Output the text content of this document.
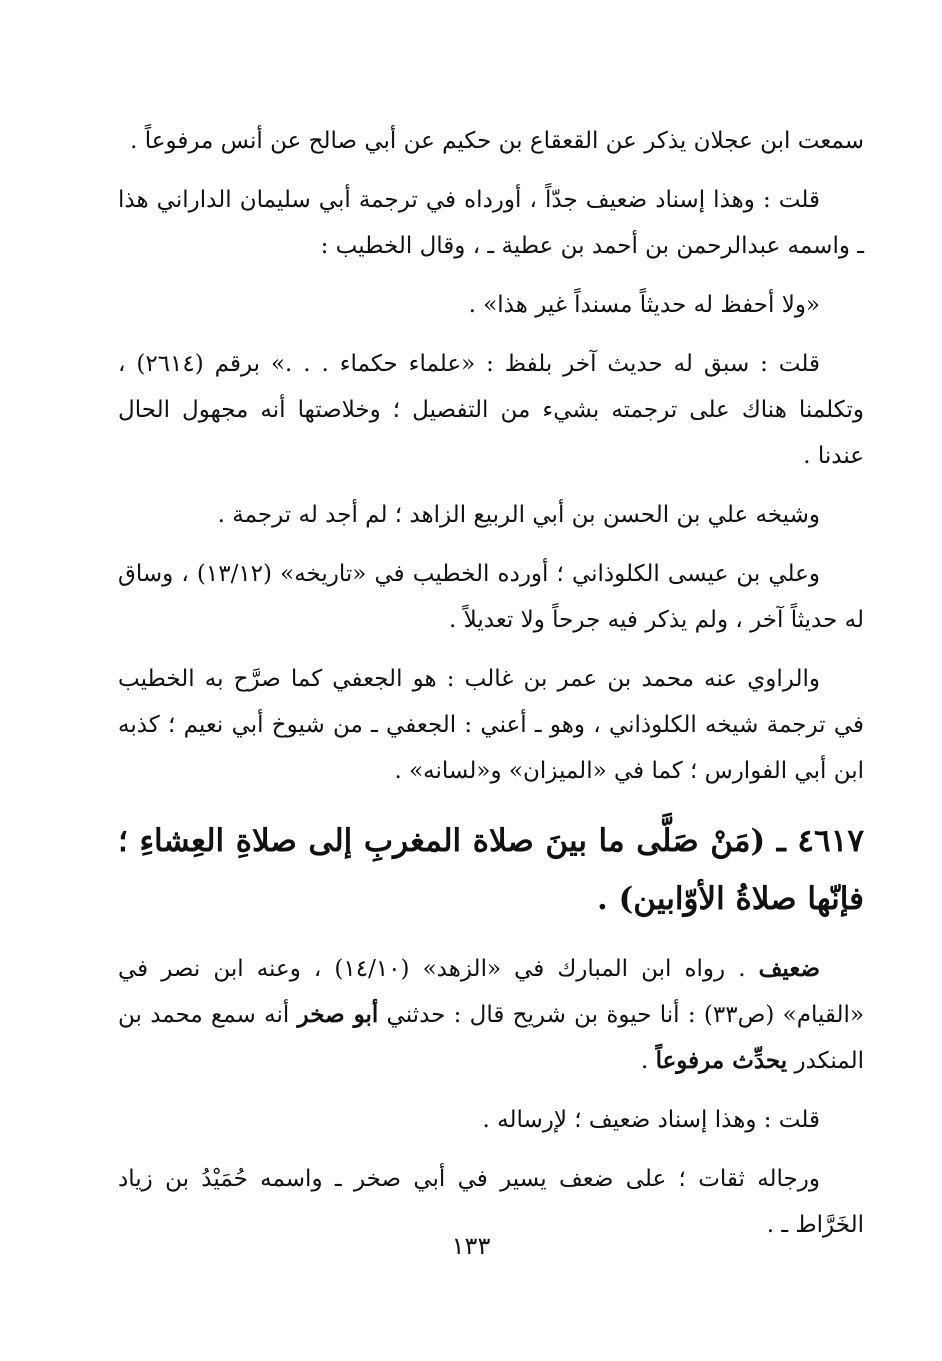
سمعت ابن عجلان يذكر عن القعقاع بن حكيم عن أبي صالح عن أنس مرفوعاً .

قلت : وهذا إسناد ضعيف جدّاً ، أورداه في ترجمة أبي سليمان الداراني هذا ـ واسمه عبدالرحمن بن أحمد بن عطية ـ ، وقال الخطيب :

«ولا أحفظ له حديثاً مسنداً غير هذا» .

قلت : سبق له حديث آخر بلفظ : «علماء حكماء . . .» برقم (٢٦١٤) ، وتكلمنا هناك على ترجمته بشيء من التفصيل ؛ وخلاصتها أنه مجهول الحال عندنا .

وشيخه علي بن الحسن بن أبي الربيع الزاهد ؛ لم أجد له ترجمة .

وعلي بن عيسى الكلوذاني ؛ أورده الخطيب في «تاريخه» (١٣/١٢) ، وساق له حديثاً آخر ، ولم يذكر فيه جرحاً ولا تعديلاً .

والراوي عنه محمد بن عمر بن غالب : هو الجعفي كما صرَّح به الخطيب في ترجمة شيخه الكلوذاني ، وهو ـ أعني : الجعفي ـ من شيوخ أبي نعيم ؛ كذبه ابن أبي الفوارس ؛ كما في «الميزان» و«لسانه» .

٤٦١٧ ـ (مَنْ صَلَّى ما بينَ صلاة المغربِ إلى صلاةِ العِشاءِ ؛ فإنّها صلاةُ الأوّابين) .

ضعيف . رواه ابن المبارك في «الزهد» (١٤/١٠) ، وعنه ابن نصر في «القيام» (ص٣٣) : أنا حيوة بن شريح قال : حدثني أبو صخر أنه سمع محمد بن المنكدر يحدِّث مرفوعاً .

قلت : وهذا إسناد ضعيف ؛ لإرساله .

ورجاله ثقات ؛ على ضعف يسير في أبي صخر ـ واسمه حُمَيْدُ بن زياد الخَرَّاط ـ .

١٣٣
